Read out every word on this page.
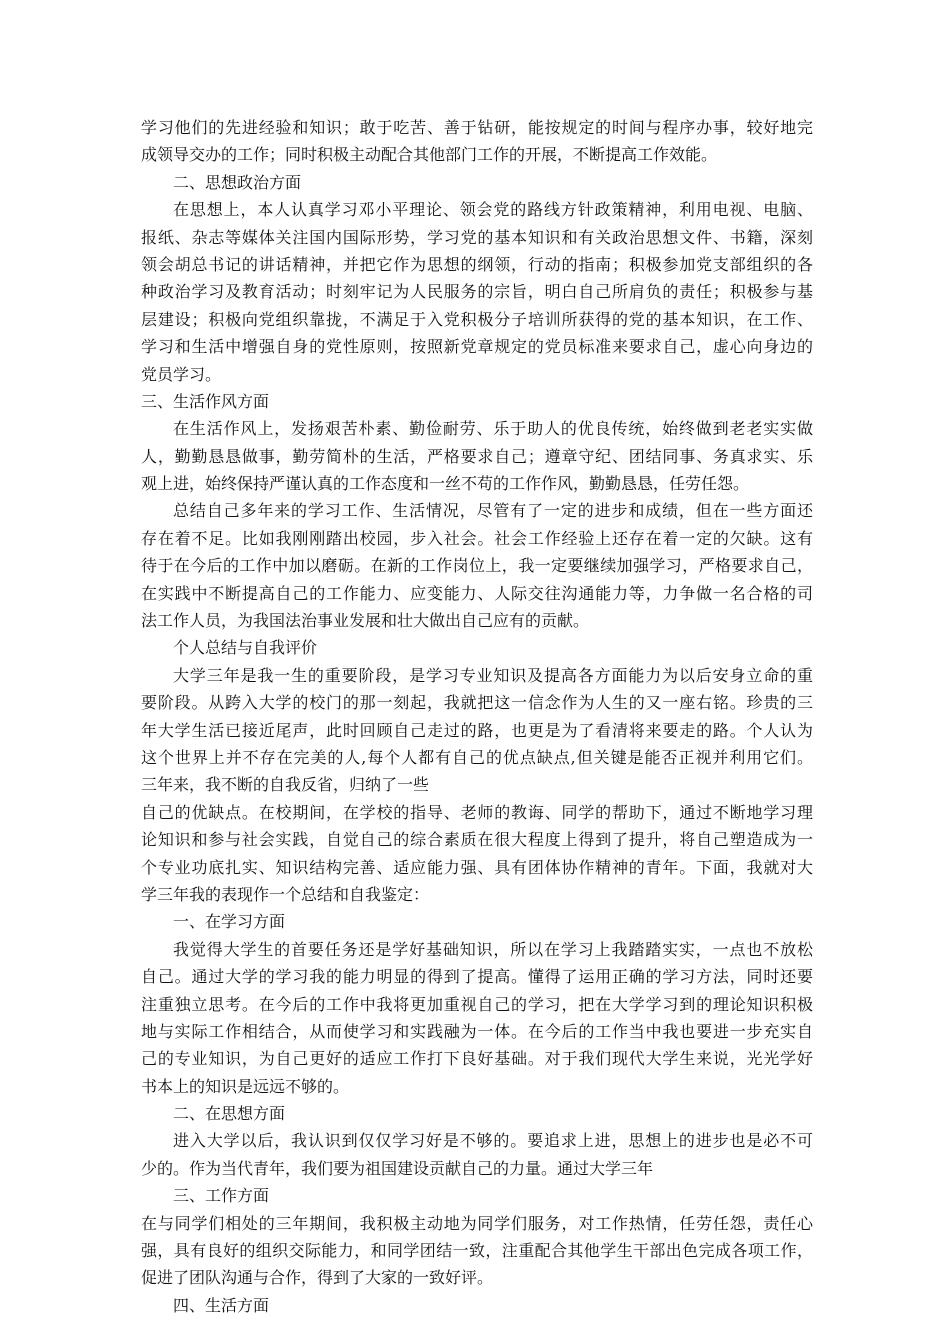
学习他们的先进经验和知识；敢于吃苦、善于钻研，能按规定的时间与程序办事，较好地完
成领导交办的工作；同时积极主动配合其他部门工作的开展，不断提高工作效能。
二、思想政治方面
在思想上，本人认真学习邓小平理论、领会党的路线方针政策精神，利用电视、电脑、
报纸、杂志等媒体关注国内国际形势，学习党的基本知识和有关政治思想文件、书籍，深刻
领会胡总书记的讲话精神，并把它作为思想的纲领，行动的指南；积极参加党支部组织的各
种政治学习及教育活动；时刻牢记为人民服务的宗旨，明白自己所肩负的责任；积极参与基
层建设；积极向党组织靠拢，不满足于入党积极分子培训所获得的党的基本知识，在工作、
学习和生活中增强自身的党性原则，按照新党章规定的党员标准来要求自己，虚心向身边的
党员学习。
三、生活作风方面
在生活作风上，发扬艰苦朴素、勤俭耐劳、乐于助人的优良传统，始终做到老老实实做
人，勤勤恳恳做事，勤劳简朴的生活，严格要求自己；遵章守纪、团结同事、务真求实、乐
观上进，始终保持严谨认真的工作态度和一丝不苟的工作作风，勤勤恳恳，任劳任怨。
总结自己多年来的学习工作、生活情况，尽管有了一定的进步和成绩，但在一些方面还
存在着不足。比如我刚刚踏出校园，步入社会。社会工作经验上还存在着一定的欠缺。这有
待于在今后的工作中加以磨砺。在新的工作岗位上，我一定要继续加强学习，严格要求自己，
在实践中不断提高自己的工作能力、应变能力、人际交往沟通能力等，力争做一名合格的司
法工作人员，为我国法治事业发展和壮大做出自己应有的贡献。
个人总结与自我评价
大学三年是我一生的重要阶段，是学习专业知识及提高各方面能力为以后安身立命的重
要阶段。从跨入大学的校门的那一刻起，我就把这一信念作为人生的又一座右铭。珍贵的三
年大学生活已接近尾声，此时回顾自己走过的路，也更是为了看清将来要走的路。个人认为
这个世界上并不存在完美的人,每个人都有自己的优点缺点,但关键是能否正视并利用它们。
三年来，我不断的自我反省，归纳了一些
自己的优缺点。在校期间，在学校的指导、老师的教诲、同学的帮助下，通过不断地学习理
论知识和参与社会实践，自觉自己的综合素质在很大程度上得到了提升，将自己塑造成为一
个专业功底扎实、知识结构完善、适应能力强、具有团体协作精神的青年。下面，我就对大
学三年我的表现作一个总结和自我鉴定：
一、在学习方面
我觉得大学生的首要任务还是学好基础知识，所以在学习上我踏踏实实，一点也不放松
自己。通过大学的学习我的能力明显的得到了提高。懂得了运用正确的学习方法，同时还要
注重独立思考。在今后的工作中我将更加重视自己的学习，把在大学学习到的理论知识积极
地与实际工作相结合，从而使学习和实践融为一体。在今后的工作当中我也要进一步充实自
己的专业知识，为自己更好的适应工作打下良好基础。对于我们现代大学生来说，光光学好
书本上的知识是远远不够的。
二、在思想方面
进入大学以后，我认识到仅仅学习好是不够的。要追求上进，思想上的进步也是必不可
少的。作为当代青年，我们要为祖国建设贡献自己的力量。通过大学三年
三、工作方面
在与同学们相处的三年期间，我积极主动地为同学们服务，对工作热情，任劳任怨，责任心
强，具有良好的组织交际能力，和同学团结一致，注重配合其他学生干部出色完成各项工作，
促进了团队沟通与合作，得到了大家的一致好评。
四、生活方面
